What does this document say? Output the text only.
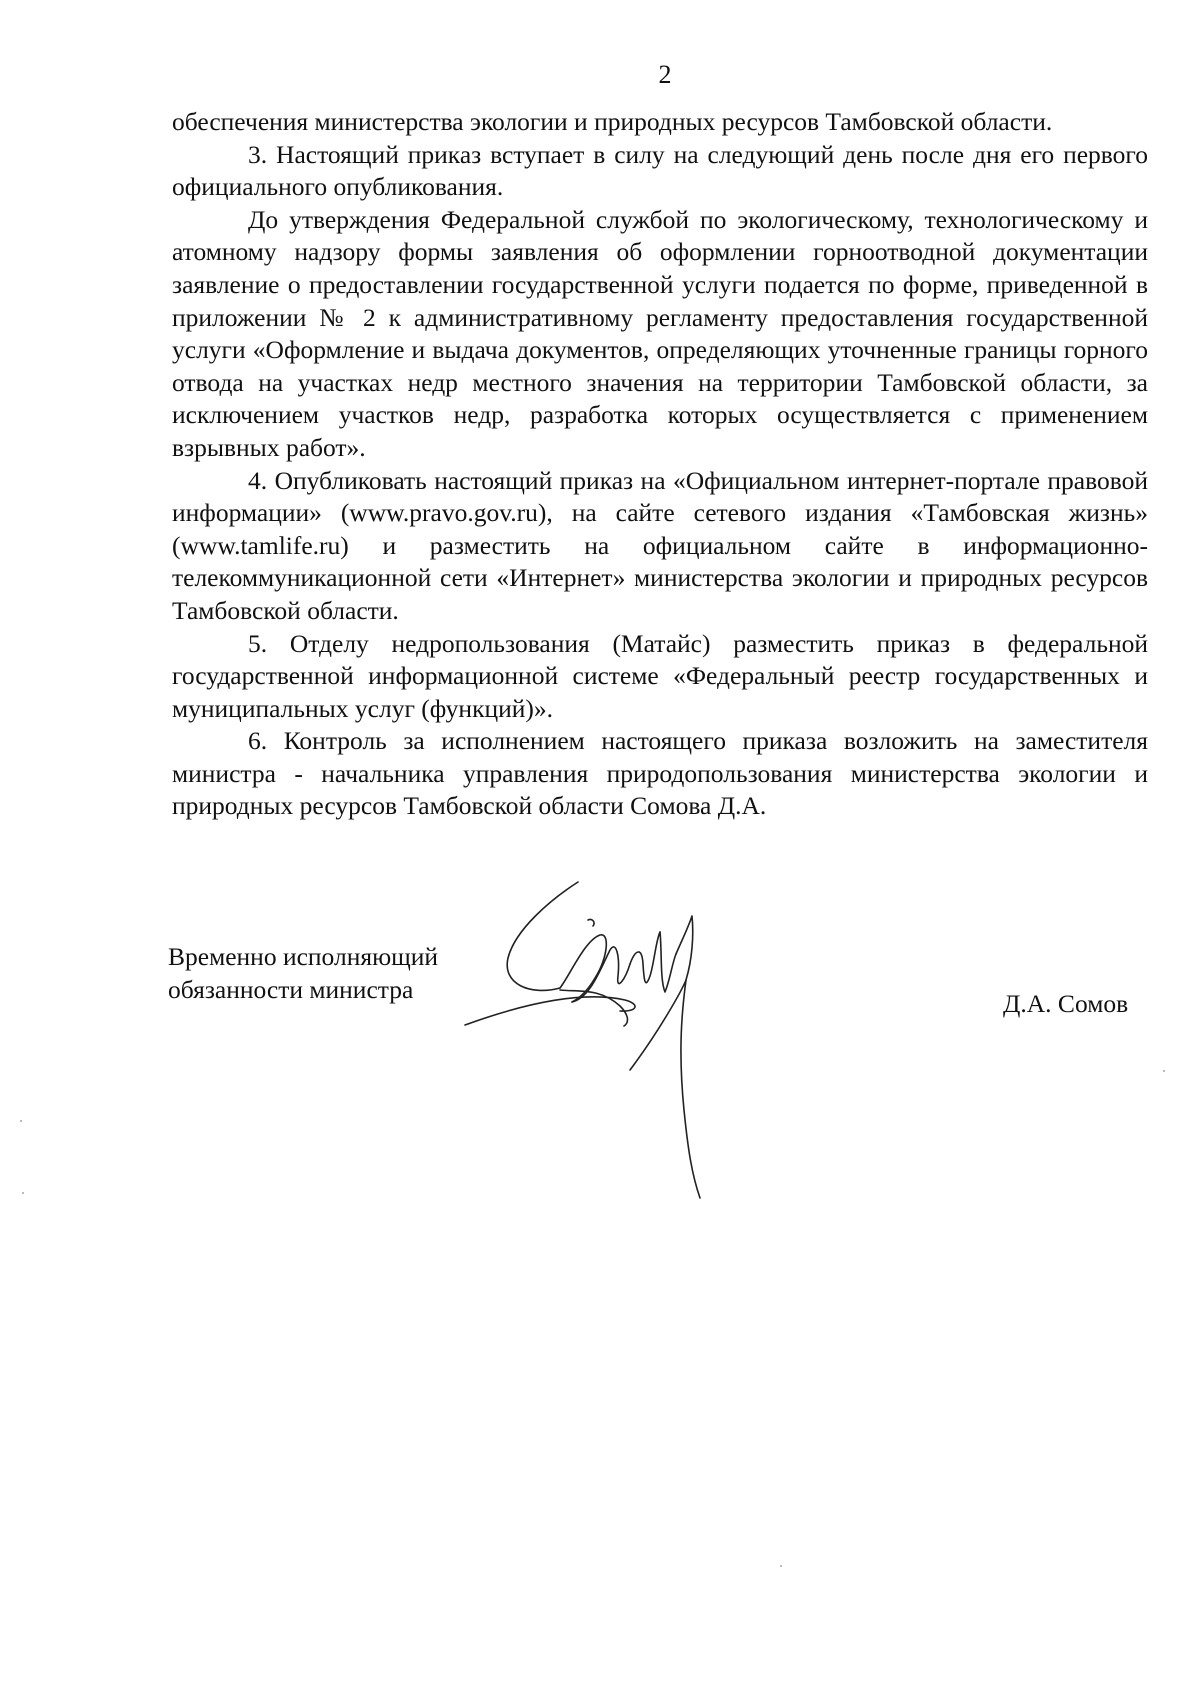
2

обеспечения министерства экологии и природных ресурсов Тамбовской области.

3. Настоящий приказ вступает в силу на следующий день после дня его первого официального опубликования.

До утверждения Федеральной службой по экологическому, технологическому и атомному надзору формы заявления об оформлении горноотводной документации заявление о предоставлении государственной услуги подается по форме, приведенной в приложении № 2 к административному регламенту предоставления государственной услуги «Оформление и выдача документов, определяющих уточненные границы горного отвода на участках недр местного значения на территории Тамбовской области, за исключением участков недр, разработка которых осуществляется с применением взрывных работ».

4. Опубликовать настоящий приказ на «Официальном интернет-портале правовой информации» (www.pravo.gov.ru), на сайте сетевого издания «Тамбовская жизнь» (www.tamlife.ru) и разместить на официальном сайте в информационно-телекоммуникационной сети «Интернет» министерства экологии и природных ресурсов Тамбовской области.

5. Отделу недропользования (Матайс) разместить приказ в федеральной государственной информационной системе «Федеральный реестр государственных и муниципальных услуг (функций)».

6. Контроль за исполнением настоящего приказа возложить на заместителя министра - начальника управления природопользования министерства экологии и природных ресурсов Тамбовской области Сомова Д.А.

Временно исполняющий
обязанности министра	Д.А. Сомов
